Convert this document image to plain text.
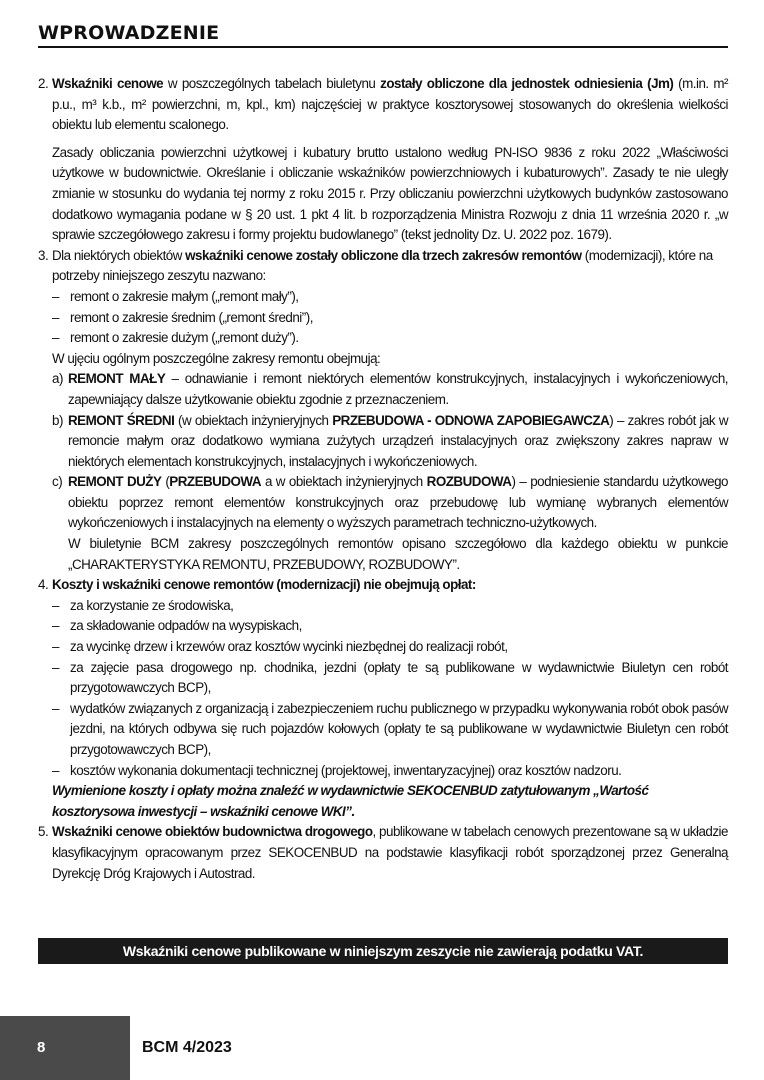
WPROWADZENIE
2. Wskaźniki cenowe w poszczególnych tabelach biuletynu zostały obliczone dla jednostek odniesienia (Jm) (m.in. m² p.u., m³ k.b., m² powierzchni, m, kpl., km) najczęściej w praktyce kosztorysowej stosowanych do określenia wielkości obiektu lub elementu scalonego.

Zasady obliczania powierzchni użytkowej i kubatury brutto ustalono według PN-ISO 9836 z roku 2022 „Właściwości użytkowe w budownictwie. Określanie i obliczanie wskaźników powierzchniowych i kubaturowych”. Zasady te nie uległy zmianie w stosunku do wydania tej normy z roku 2015 r. Przy obliczaniu powierzchni użytkowych budynków zastosowano dodatkowo wymagania podane w § 20 ust. 1 pkt 4 lit. b rozporządzenia Ministra Rozwoju z dnia 11 września 2020 r. „w sprawie szczegółowego zakresu i formy projektu budowlanego” (tekst jednolity Dz. U. 2022 poz. 1679).

3. Dla niektórych obiektów wskaźniki cenowe zostały obliczone dla trzech zakresów remontów (modernizacji), które na potrzeby niniejszego zeszytu nazwano:

– remont o zakresie małym („remont mały”),
– remont o zakresie średnim („remont średni”),
– remont o zakresie dużym („remont duży”).

W ujęciu ogólnym poszczególne zakresy remontu obejmują:

a) REMONT MAŁY – odnawianie i remont niektórych elementów konstrukcyjnych, instalacyjnych i wykończeniowych, zapewniający dalsze użytkowanie obiektu zgodnie z przeznaczeniem.

b) REMONT ŚREDNI (w obiektach inżynieryjnych PRZEBUDOWA - ODNOWA ZAPOBIEGAWCZA) – zakres robót jak w remoncie małym oraz dodatkowo wymiana zużytych urządzeń instalacyjnych oraz zwiększony zakres napraw w niektórych elementach konstrukcyjnych, instalacyjnych i wykończeniowych.

c) REMONT DUŻY (PRZEBUDOWA a w obiektach inżynieryjnych ROZBUDOWA) – podniesienie standardu użytkowego obiektu poprzez remont elementów konstrukcyjnych oraz przebudowę lub wymianę wybranych elementów wykończeniowych i instalacyjnych na elementy o wyższych parametrach techniczno-użytkowych.

W biuletynie BCM zakresy poszczególnych remontów opisano szczegółowo dla każdego obiektu w punkcie „CHARAKTERYSTYKA REMONTU, PRZEBUDOWY, ROZBUDOWY”.

4. Koszty i wskaźniki cenowe remontów (modernizacji) nie obejmują opłat:

– za korzystanie ze środowiska,
– za składowanie odpadów na wysypiskach,
– za wycinkę drzew i krzewów oraz kosztów wycinki niezbędnej do realizacji robót,
– za zajęcie pasa drogowego np. chodnika, jezdni (opłaty te są publikowane w wydawnictwie Biuletyn cen robót przygotowawczych BCP),
– wydatków związanych z organizacją i zabezpieczeniem ruchu publicznego w przypadku wykonywania robót obok pasów jezdni, na których odbywa się ruch pojazdów kołowych (opłaty te są publikowane w wydawnictwie Biuletyn cen robót przygotowawczych BCP),
– kosztów wykonania dokumentacji technicznej (projektowej, inwentaryzacyjnej) oraz kosztów nadzoru.

Wymienione koszty i opłaty można znaleźć w wydawnictwie SEKOCENBUD zatytułowanym „Wartość kosztorysowa inwestycji – wskaźniki cenowe WKI”.

5. Wskaźniki cenowe obiektów budownictwa drogowego, publikowane w tabelach cenowych prezentowane są w układzie klasyfikacyjnym opracowanym przez SEKOCENBUD na podstawie klasyfikacji robót sporządzonej przez Generalną Dyrekcję Dróg Krajowych i Autostrad.

Wskaźniki cenowe publikowane w niniejszym zeszycie nie zawierają podatku VAT.
8	BCM 4/2023
